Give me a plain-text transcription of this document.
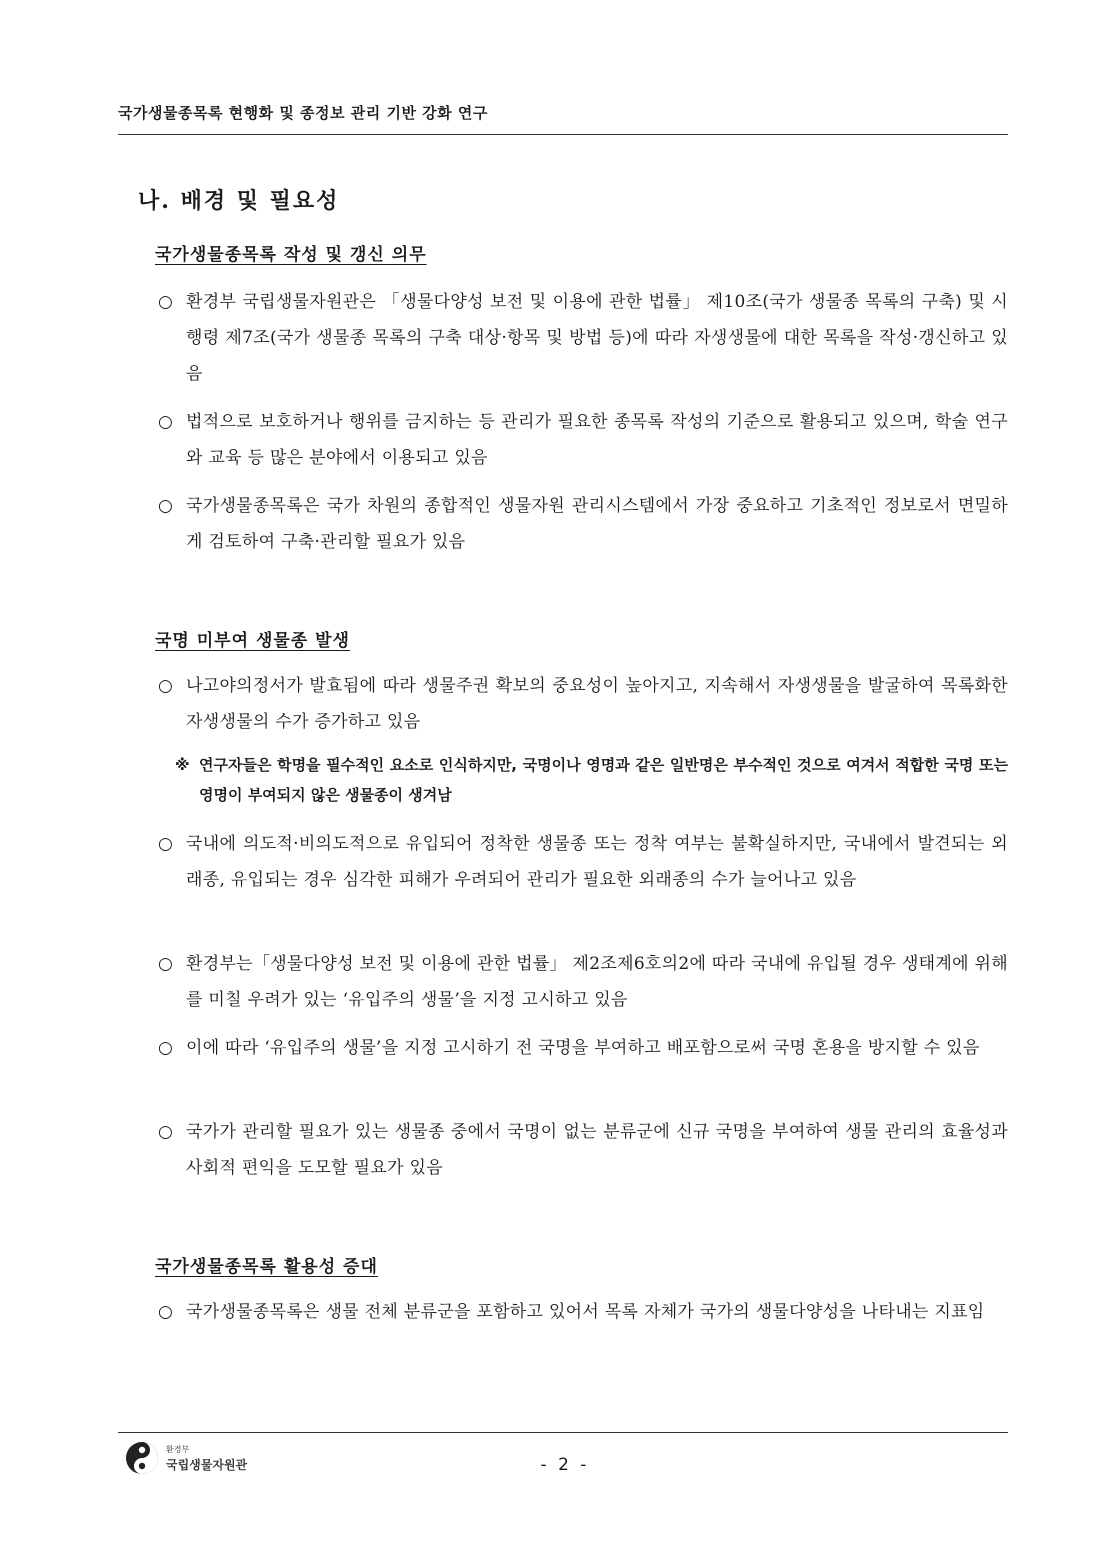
국가생물종목록 현행화 및 종정보 관리 기반 강화 연구
나. 배경 및 필요성
국가생물종목록 작성 및 갱신 의무
○ 환경부 국립생물자원관은 「생물다양성 보전 및 이용에 관한 법률」 제10조(국가 생물종 목록의 구축) 및 시행령 제7조(국가 생물종 목록의 구축 대상·항목 및 방법 등)에 따라 자생생물에 대한 목록을 작성·갱신하고 있음
○ 법적으로 보호하거나 행위를 금지하는 등 관리가 필요한 종목록 작성의 기준으로 활용되고 있으며, 학술 연구와 교육 등 많은 분야에서 이용되고 있음
○ 국가생물종목록은 국가 차원의 종합적인 생물자원 관리시스템에서 가장 중요하고 기초적인 정보로서 면밀하게 검토하여 구축·관리할 필요가 있음
국명 미부여 생물종 발생
○ 나고야의정서가 발효됨에 따라 생물주권 확보의 중요성이 높아지고, 지속해서 자생생물을 발굴하여 목록화한 자생생물의 수가 증가하고 있음
※ 연구자들은 학명을 필수적인 요소로 인식하지만, 국명이나 영명과 같은 일반명은 부수적인 것으로 여겨서 적합한 국명 또는 영명이 부여되지 않은 생물종이 생겨남
○ 국내에 의도적·비의도적으로 유입되어 정착한 생물종 또는 정착 여부는 불확실하지만, 국내에서 발견되는 외래종, 유입되는 경우 심각한 피해가 우려되어 관리가 필요한 외래종의 수가 늘어나고 있음
○ 환경부는「생물다양성 보전 및 이용에 관한 법률」 제2조제6호의2에 따라 국내에 유입될 경우 생태계에 위해를 미칠 우려가 있는 ‘유입주의 생물’을 지정 고시하고 있음
○ 이에 따라 ‘유입주의 생물’을 지정 고시하기 전 국명을 부여하고 배포함으로써 국명 혼용을 방지할 수 있음
○ 국가가 관리할 필요가 있는 생물종 중에서 국명이 없는 분류군에 신규 국명을 부여하여 생물 관리의 효율성과 사회적 편익을 도모할 필요가 있음
국가생물종목록 활용성 증대
○ 국가생물종목록은 생물 전체 분류군을 포함하고 있어서 목록 자체가 국가의 생물다양성을 나타내는 지표임
환경부
국립생물자원관	- 2 -
